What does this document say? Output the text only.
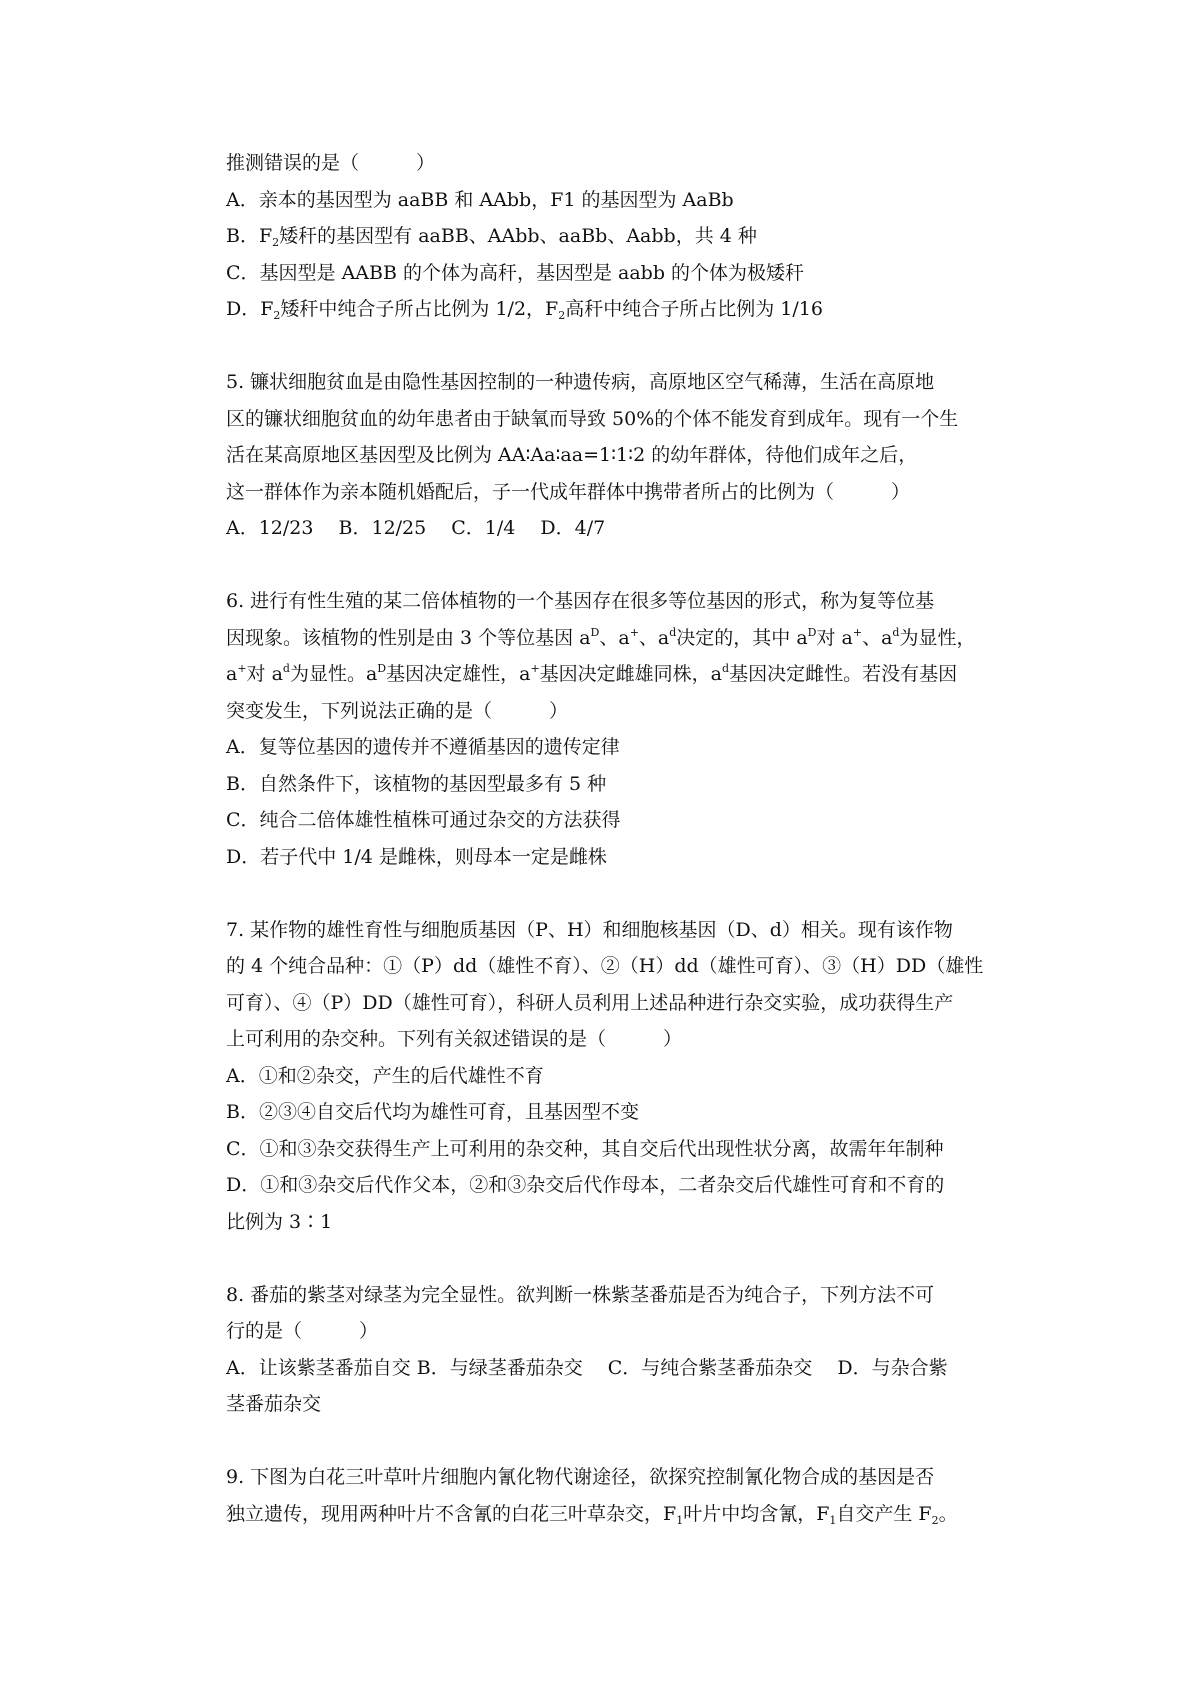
推测错误的是（　　　）
A．亲本的基因型为 aaBB 和 AAbb，F1 的基因型为 AaBb
B．$F_2$矮秆的基因型有 aaBB、AAbb、aaBb、Aabb，共 4 种
C．基因型是 AABB 的个体为高秆，基因型是 aabb 的个体为极矮秆
D．$F_2$矮秆中纯合子所占比例为 1/2，$F_2$高秆中纯合子所占比例为 1/16
5. 镰状细胞贫血是由隐性基因控制的一种遗传病，高原地区空气稀薄，生活在高原地
区的镰状细胞贫血的幼年患者由于缺氧而导致 50%的个体不能发育到成年。现有一个生
活在某高原地区基因型及比例为 AA∶Aa∶aa=1∶1∶2 的幼年群体，待他们成年之后，
这一群体作为亲本随机婚配后，子一代成年群体中携带者所占的比例为（　　　）
A．12/23　 B．12/25　 C．1/4　 D．4/7
6. 进行有性生殖的某二倍体植物的一个基因存在很多等位基因的形式，称为复等位基
因现象。该植物的性别是由 3 个等位基因 $a^D$、a+、$a^d$决定的，其中 $a^D$对 a+、$a^d$为显性，
a+对 $a^d$为显性。$a^D$基因决定雄性，a+基因决定雌雄同株，$a^d$基因决定雌性。若没有基因
突变发生，下列说法正确的是（　　　）
A．复等位基因的遗传并不遵循基因的遗传定律
B．自然条件下，该植物的基因型最多有 5 种
C．纯合二倍体雄性植株可通过杂交的方法获得
D．若子代中 1/4 是雌株，则母本一定是雌株
7. 某作物的雄性育性与细胞质基因（P、H）和细胞核基因（D、d）相关。现有该作物
的 4 个纯合品种：①（P）dd（雄性不育）、②（H）dd（雄性可育）、③（H）DD（雄性
可育）、④（P）DD（雄性可育），科研人员利用上述品种进行杂交实验，成功获得生产
上可利用的杂交种。下列有关叙述错误的是（　　　）
A．①和②杂交，产生的后代雄性不育
B．②③④自交后代均为雄性可育，且基因型不变
C．①和③杂交获得生产上可利用的杂交种，其自交后代出现性状分离，故需年年制种
D．①和③杂交后代作父本，②和③杂交后代作母本，二者杂交后代雄性可育和不育的
比例为 3∶1
8. 番茄的紫茎对绿茎为完全显性。欲判断一株紫茎番茄是否为纯合子，下列方法不可
行的是（　　　）
A．让该紫茎番茄自交 B．与绿茎番茄杂交　 C．与纯合紫茎番茄杂交　 D．与杂合紫
茎番茄杂交
9. 下图为白花三叶草叶片细胞内氰化物代谢途径，欲探究控制氰化物合成的基因是否
独立遗传，现用两种叶片不含氰的白花三叶草杂交，$F_1$叶片中均含氰，$F_1$自交产生 $F_2$。
